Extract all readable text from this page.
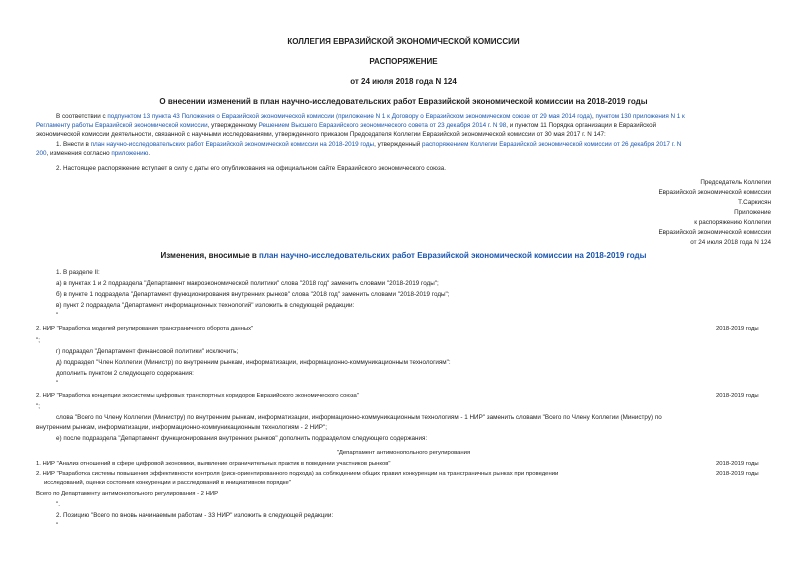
КОЛЛЕГИЯ ЕВРАЗИЙСКОЙ ЭКОНОМИЧЕСКОЙ КОМИССИИ
РАСПОРЯЖЕНИЕ
от 24 июля 2018 года N 124
О внесении изменений в план научно-исследовательских работ Евразийской экономической комиссии на 2018-2019 годы
В соответствии с подпунктом 13 пункта 43 Положения о Евразийской экономической комиссии (приложение N 1 к Договору о Евразийском экономическом союзе от 29 мая 2014 года), пунктом 130 приложения N 1 к
Регламенту работы Евразийской экономической комиссии, утвержденному Решением Высшего Евразийского экономического совета от 23 декабря 2014 г. N 98, и пунктом 11 Порядка организации в Евразийской
экономической комиссии деятельности, связанной с научными исследованиями, утвержденного приказом Председателя Коллегии Евразийской экономической комиссии от 30 мая 2017 г. N 147:
1. Внести в план научно-исследовательских работ Евразийской экономической комиссии на 2018-2019 годы, утвержденный распоряжением Коллегии Евразийской экономической комиссии от 26 декабря 2017 г. N
200, изменения согласно приложению.
2. Настоящее распоряжение вступает в силу с даты его опубликования на официальном сайте Евразийского экономического союза.
Председатель Коллегии
Евразийской экономической комиссии
Т.Саркисян
Приложение
к распоряжению Коллегии
Евразийской экономической комиссии
от 24 июля 2018 года N 124
Изменения, вносимые в план научно-исследовательских работ Евразийской экономической комиссии на 2018-2019 годы
1. В разделе II:
а) в пунктах 1 и 2 подраздела "Департамент макроэкономической политики" слова "2018 год" заменить словами "2018-2019 годы";
б) в пункте 1 подраздела "Департамент функционирования внутренних рынков" слова "2018 год" заменить словами "2018-2019 годы";
в) пункт 2 подраздела "Департамент информационных технологий" изложить в следующей редакции:
"
2. НИР "Разработка моделей регулирования трансграничного оборота данных"	2018-2019 годы
";
г) подраздел "Департамент финансовой политики" исключить;
д) подраздел "Член Коллегии (Министр) по внутренним рынкам, информатизации, информационно-коммуникационным технологиям":
дополнить пунктом 2 следующего содержания:
"
2. НИР "Разработка концепции экосистемы цифровых транспортных коридоров Евразийского экономического союза"	2018-2019 годы
";
слова "Всего по Члену Коллегии (Министру) по внутренним рынкам, информатизации, информационно-коммуникационным технологиям - 1 НИР" заменить словами "Всего по Члену Коллегии (Министру) по
внутренним рынкам, информатизации, информационно-коммуникационным технологиям - 2 НИР";
е) после подраздела "Департамент функционирования внутренних рынков" дополнить подразделом следующего содержания:
"Департамент антимонопольного регулирования
1. НИР "Анализ отношений в сфере цифровой экономики, выявление ограничительных практик в поведении участников рынков"	2018-2019 годы
2. НИР "Разработка системы повышения эффективности контроля (риск-ориентированного подхода) за соблюдением общих правил конкуренции на трансграничных рынках при проведении	2018-2019 годы
исследований, оценки состояния конкуренции и расследований в инициативном порядке"
Всего по Департаменту антимонопольного регулирования - 2 НИР
".
2. Позицию "Всего по вновь начинаемым работам - 33 НИР" изложить в следующей редакции:
"
